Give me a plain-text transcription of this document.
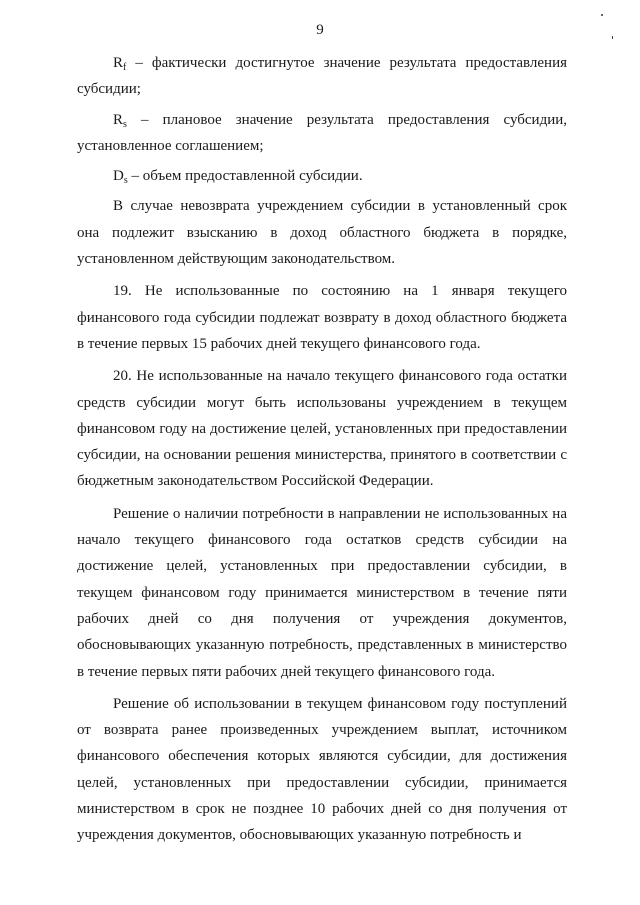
9

$R_f$ – фактически достигнутое значение результата предоставления субсидии;

$R_s$ – плановое значение результата предоставления субсидии, установленное соглашением;

$D_s$ – объем предоставленной субсидии.

В случае невозврата учреждением субсидии в установленный срок она подлежит взысканию в доход областного бюджета в порядке, установленном действующим законодательством.

19. Не использованные по состоянию на 1 января текущего финансового года субсидии подлежат возврату в доход областного бюджета в течение первых 15 рабочих дней текущего финансового года.

20. Не использованные на начало текущего финансового года остатки средств субсидии могут быть использованы учреждением в текущем финансовом году на достижение целей, установленных при предоставлении субсидии, на основании решения министерства, принятого в соответствии с бюджетным законодательством Российской Федерации.

Решение о наличии потребности в направлении не использованных на начало текущего финансового года остатков средств субсидии на достижение целей, установленных при предоставлении субсидии, в текущем финансовом году принимается министерством в течение пяти рабочих дней со дня получения от учреждения документов, обосновывающих указанную потребность, представленных в министерство в течение первых пяти рабочих дней текущего финансового года.

Решение об использовании в текущем финансовом году поступлений от возврата ранее произведенных учреждением выплат, источником финансового обеспечения которых являются субсидии, для достижения целей, установленных при предоставлении субсидии, принимается министерством в срок не позднее 10 рабочих дней со дня получения от учреждения документов, обосновывающих указанную потребность и
